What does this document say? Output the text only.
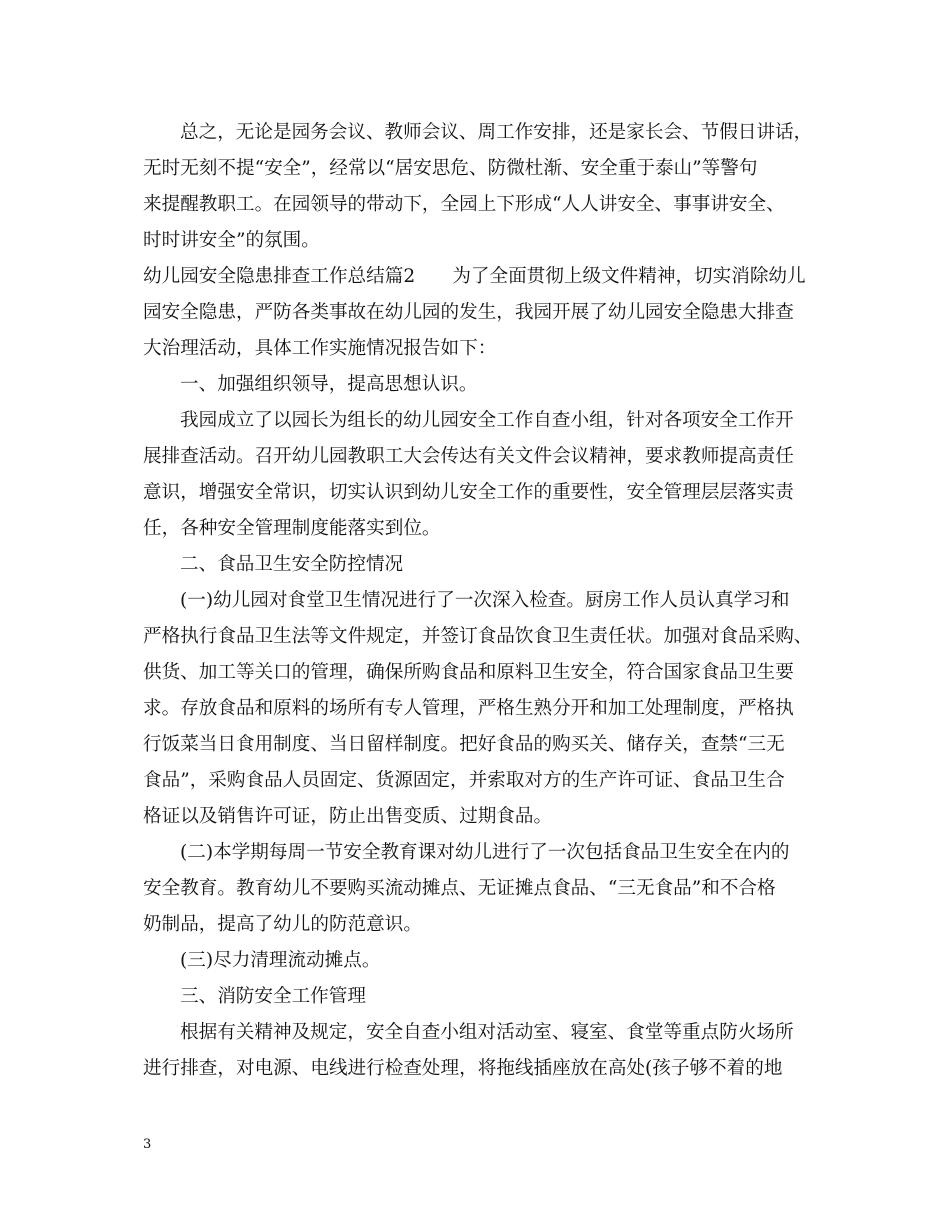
总之，无论是园务会议、教师会议、周工作安排，还是家长会、节假日讲话，
无时无刻不提“安全”，经常以“居安思危、防微杜渐、安全重于泰山”等警句
来提醒教职工。在园领导的带动下，全园上下形成“人人讲安全、事事讲安全、
时时讲安全”的氛围。
幼儿园安全隐患排查工作总结篇2　　为了全面贯彻上级文件精神，切实消除幼儿
园安全隐患，严防各类事故在幼儿园的发生，我园开展了幼儿园安全隐患大排查
大治理活动，具体工作实施情况报告如下：
一、加强组织领导，提高思想认识。
我园成立了以园长为组长的幼儿园安全工作自查小组，针对各项安全工作开
展排查活动。召开幼儿园教职工大会传达有关文件会议精神，要求教师提高责任
意识，增强安全常识，切实认识到幼儿安全工作的重要性，安全管理层层落实责
任，各种安全管理制度能落实到位。
二、食品卫生安全防控情况
(一)幼儿园对食堂卫生情况进行了一次深入检查。厨房工作人员认真学习和
严格执行食品卫生法等文件规定，并签订食品饮食卫生责任状。加强对食品采购、
供货、加工等关口的管理，确保所购食品和原料卫生安全，符合国家食品卫生要
求。存放食品和原料的场所有专人管理，严格生熟分开和加工处理制度，严格执
行饭菜当日食用制度、当日留样制度。把好食品的购买关、储存关，查禁“三无
食品”，采购食品人员固定、货源固定，并索取对方的生产许可证、食品卫生合
格证以及销售许可证，防止出售变质、过期食品。
(二)本学期每周一节安全教育课对幼儿进行了一次包括食品卫生安全在内的
安全教育。教育幼儿不要购买流动摊点、无证摊点食品、“三无食品”和不合格
奶制品，提高了幼儿的防范意识。
(三)尽力清理流动摊点。
三、消防安全工作管理
根据有关精神及规定，安全自查小组对活动室、寝室、食堂等重点防火场所
进行排查，对电源、电线进行检查处理，将拖线插座放在高处(孩子够不着的地
3
